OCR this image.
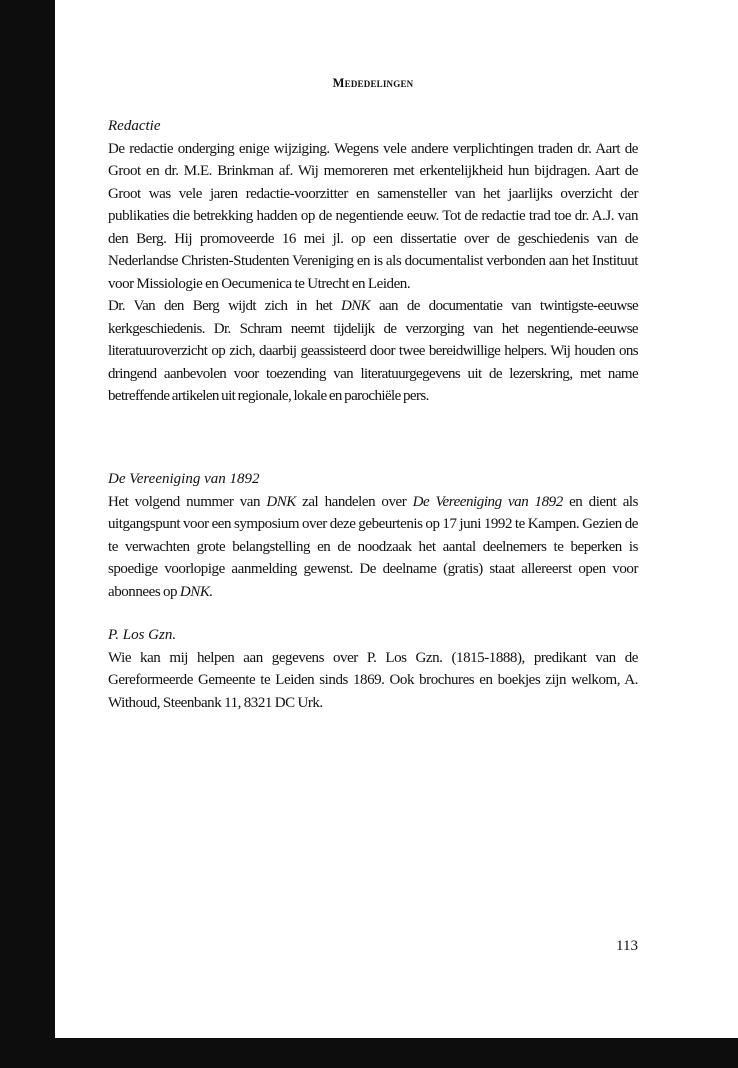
Mededelingen

Redactie

De redactie onderging enige wijziging. Wegens vele andere verplichtingen traden dr. Aart de Groot en dr. M.E. Brinkman af. Wij memoreren met erkentelijkheid hun bijdragen. Aart de Groot was vele jaren redactie-voorzitter en samensteller van het jaarlijks overzicht der publikaties die betrekking hadden op de negentiende eeuw. Tot de redactie trad toe dr. A.J. van den Berg. Hij promoveerde 16 mei jl. op een dissertatie over de geschiedenis van de Nederlandse Christen-Studenten Vereniging en is als documentalist verbonden aan het Instituut voor Missiologie en Oecumenica te Utrecht en Leiden.

Dr. Van den Berg wijdt zich in het DNK aan de documentatie van twintigste-eeuwse kerkgeschiedenis. Dr. Schram neemt tijdelijk de verzorging van het negentiende-eeuwse literatuuroverzicht op zich, daarbij geassisteerd door twee bereidwillige helpers. Wij houden ons dringend aanbevolen voor toezending van literatuurgegevens uit de lezerskring, met name betreffende artikelen uit regionale, lokale en parochiële pers.

De Vereeniging van 1892

Het volgend nummer van DNK zal handelen over De Vereeniging van 1892 en dient als uitgangspunt voor een symposium over deze gebeurtenis op 17 juni 1992 te Kampen. Gezien de te verwachten grote belangstelling en de noodzaak het aantal deelnemers te beperken is spoedige voorlopige aanmelding gewenst. De deelname (gratis) staat allereerst open voor abonnees op DNK.

P. Los Gzn.

Wie kan mij helpen aan gegevens over P. Los Gzn. (1815-1888), predikant van de Gereformeerde Gemeente te Leiden sinds 1869. Ook brochures en boekjes zijn welkom, A. Withoud, Steenbank 11, 8321 DC Urk.

113
